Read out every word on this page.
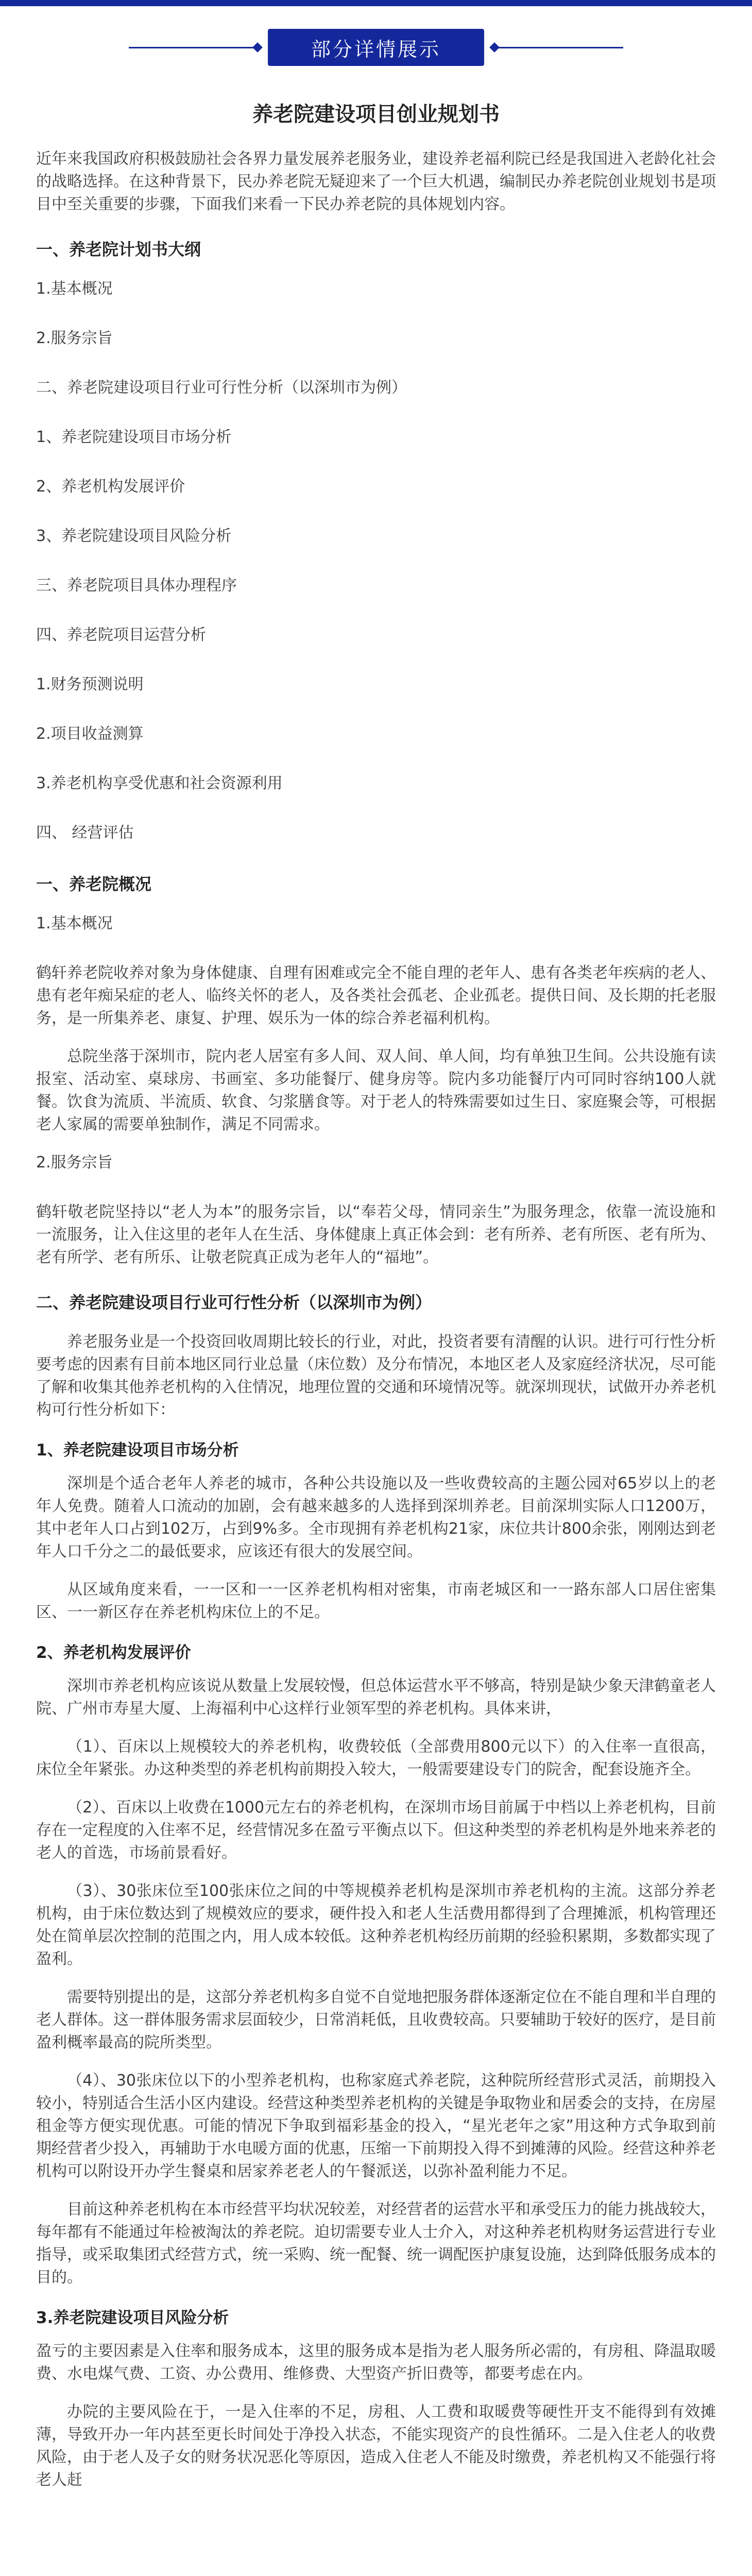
部分详情展示
养老院建设项目创业规划书

近年来我国政府积极鼓励社会各界力量发展养老服务业，建设养老福利院已经是我国进入老龄化社会的战略选择。在这种背景下，民办养老院无疑迎来了一个巨大机遇，编制民办养老院创业规划书是项目中至关重要的步骤，下面我们来看一下民办养老院的具体规划内容。

一、养老院计划书大纲
1.基本概况
2.服务宗旨
二、养老院建设项目行业可行性分析（以深圳市为例）
1、养老院建设项目市场分析
2、养老机构发展评价
3、养老院建设项目风险分析
三、养老院项目具体办理程序
四、养老院项目运营分析
1.财务预测说明
2.项目收益测算
3.养老机构享受优惠和社会资源利用
四、 经营评估
一、养老院概况
1.基本概况

鹤轩养老院收养对象为身体健康、自理有困难或完全不能自理的老年人、患有各类老年疾病的老人、患有老年痴呆症的老人、临终关怀的老人，及各类社会孤老、企业孤老。提供日间、及长期的托老服务，是一所集养老、康复、护理、娱乐为一体的综合养老福利机构。

总院坐落于深圳市，院内老人居室有多人间、双人间、单人间，均有单独卫生间。公共设施有读报室、活动室、桌球房、书画室、多功能餐厅、健身房等。院内多功能餐厅内可同时容纳100人就餐。饮食为流质、半流质、软食、匀浆膳食等。对于老人的特殊需要如过生日、家庭聚会等，可根据老人家属的需要单独制作，满足不同需求。

2.服务宗旨

鹤轩敬老院坚持以“老人为本”的服务宗旨，以“奉若父母，情同亲生”为服务理念，依靠一流设施和一流服务，让入住这里的老年人在生活、身体健康上真正体会到：老有所养、老有所医、老有所为、老有所学、老有所乐、让敬老院真正成为老年人的“福地”。

二、养老院建设项目行业可行性分析（以深圳市为例）

养老服务业是一个投资回收周期比较长的行业，对此，投资者要有清醒的认识。进行可行性分析要考虑的因素有目前本地区同行业总量（床位数）及分布情况，本地区老人及家庭经济状况，尽可能了解和收集其他养老机构的入住情况，地理位置的交通和环境情况等。就深圳现状，试做开办养老机构可行性分析如下：

1、养老院建设项目市场分析

深圳是个适合老年人养老的城市，各种公共设施以及一些收费较高的主题公园对65岁以上的老年人免费。随着人口流动的加剧，会有越来越多的人选择到深圳养老。目前深圳实际人口1200万，其中老年人口占到102万，占到9%多。全市现拥有养老机构21家，床位共计800余张，刚刚达到老年人口千分之二的最低要求，应该还有很大的发展空间。

从区域角度来看，一一区和一一区养老机构相对密集，市南老城区和一一路东部人口居住密集区、一一新区存在养老机构床位上的不足。

2、养老机构发展评价

深圳市养老机构应该说从数量上发展较慢，但总体运营水平不够高，特别是缺少象天津鹤童老人院、广州市寿星大厦、上海福利中心这样行业领军型的养老机构。具体来讲，

（1）、百床以上规模较大的养老机构，收费较低（全部费用800元以下）的入住率一直很高，床位全年紧张。办这种类型的养老机构前期投入较大，一般需要建设专门的院舍，配套设施齐全。

（2）、百床以上收费在1000元左右的养老机构，在深圳市场目前属于中档以上养老机构，目前存在一定程度的入住率不足，经营情况多在盈亏平衡点以下。但这种类型的养老机构是外地来养老的老人的首选，市场前景看好。

（3）、30张床位至100张床位之间的中等规模养老机构是深圳市养老机构的主流。这部分养老机构，由于床位数达到了规模效应的要求，硬件投入和老人生活费用都得到了合理摊派，机构管理还处在简单层次控制的范围之内，用人成本较低。这种养老机构经历前期的经验积累期，多数都实现了盈利。

需要特别提出的是，这部分养老机构多自觉不自觉地把服务群体逐渐定位在不能自理和半自理的老人群体。这一群体服务需求层面较少，日常消耗低，且收费较高。只要辅助于较好的医疗，是目前盈利概率最高的院所类型。

（4）、30张床位以下的小型养老机构，也称家庭式养老院，这种院所经营形式灵活，前期投入较小，特别适合生活小区内建设。经营这种类型养老机构的关键是争取物业和居委会的支持，在房屋租金等方便实现优惠。可能的情况下争取到福彩基金的投入，“星光老年之家”用这种方式争取到前期经营者少投入，再辅助于水电暖方面的优惠，压缩一下前期投入得不到摊薄的风险。经营这种养老机构可以附设开办学生餐桌和居家养老老人的午餐派送，以弥补盈利能力不足。

目前这种养老机构在本市经营平均状况较差，对经营者的运营水平和承受压力的能力挑战较大，每年都有不能通过年检被淘汰的养老院。迫切需要专业人士介入，对这种养老机构财务运营进行专业指导，或采取集团式经营方式，统一采购、统一配餐、统一调配医护康复设施，达到降低服务成本的目的。

3.养老院建设项目风险分析

盈亏的主要因素是入住率和服务成本，这里的服务成本是指为老人服务所必需的，有房租、降温取暖费、水电煤气费、工资、办公费用、维修费、大型资产折旧费等，都要考虑在内。

办院的主要风险在于，一是入住率的不足，房租、人工费和取暖费等硬性开支不能得到有效摊薄，导致开办一年内甚至更长时间处于净投入状态，不能实现资产的良性循环。二是入住老人的收费风险，由于老人及子女的财务状况恶化等原因，造成入住老人不能及时缴费，养老机构又不能强行将老人赶
